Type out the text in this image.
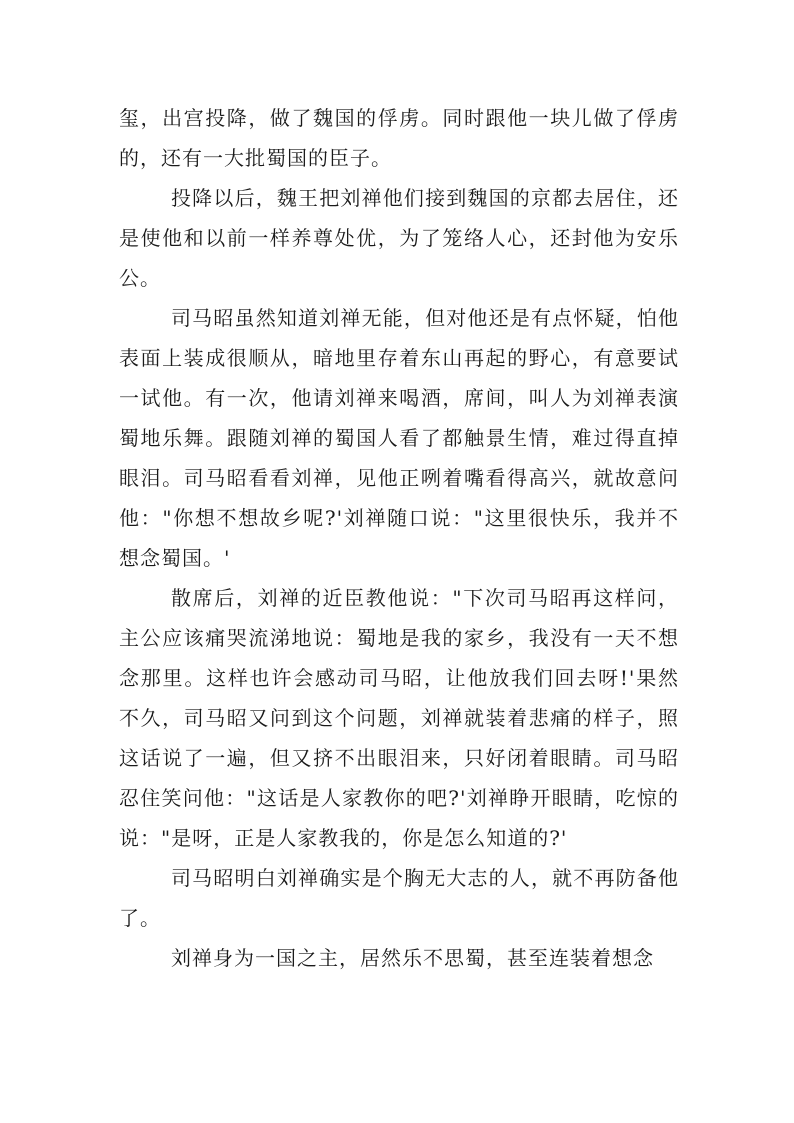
玺，出宫投降，做了魏国的俘虏。同时跟他一块儿做了俘虏的，还有一大批蜀国的臣子。

投降以后，魏王把刘禅他们接到魏国的京都去居住，还是使他和以前一样养尊处优，为了笼络人心，还封他为安乐公。

司马昭虽然知道刘禅无能，但对他还是有点怀疑，怕他表面上装成很顺从，暗地里存着东山再起的野心，有意要试一试他。有一次，他请刘禅来喝酒，席间，叫人为刘禅表演蜀地乐舞。跟随刘禅的蜀国人看了都触景生情，难过得直掉眼泪。司马昭看看刘禅，见他正咧着嘴看得高兴，就故意问他："你想不想故乡呢?'刘禅随口说："这里很快乐，我并不想念蜀国。'

散席后，刘禅的近臣教他说："下次司马昭再这样问，主公应该痛哭流涕地说：蜀地是我的家乡，我没有一天不想念那里。这样也许会感动司马昭，让他放我们回去呀!'果然不久，司马昭又问到这个问题，刘禅就装着悲痛的样子，照这话说了一遍，但又挤不出眼泪来，只好闭着眼睛。司马昭忍住笑问他："这话是人家教你的吧?'刘禅睁开眼睛，吃惊的说："是呀，正是人家教我的，你是怎么知道的?'

司马昭明白刘禅确实是个胸无大志的人，就不再防备他了。

刘禅身为一国之主，居然乐不思蜀，甚至连装着想念
